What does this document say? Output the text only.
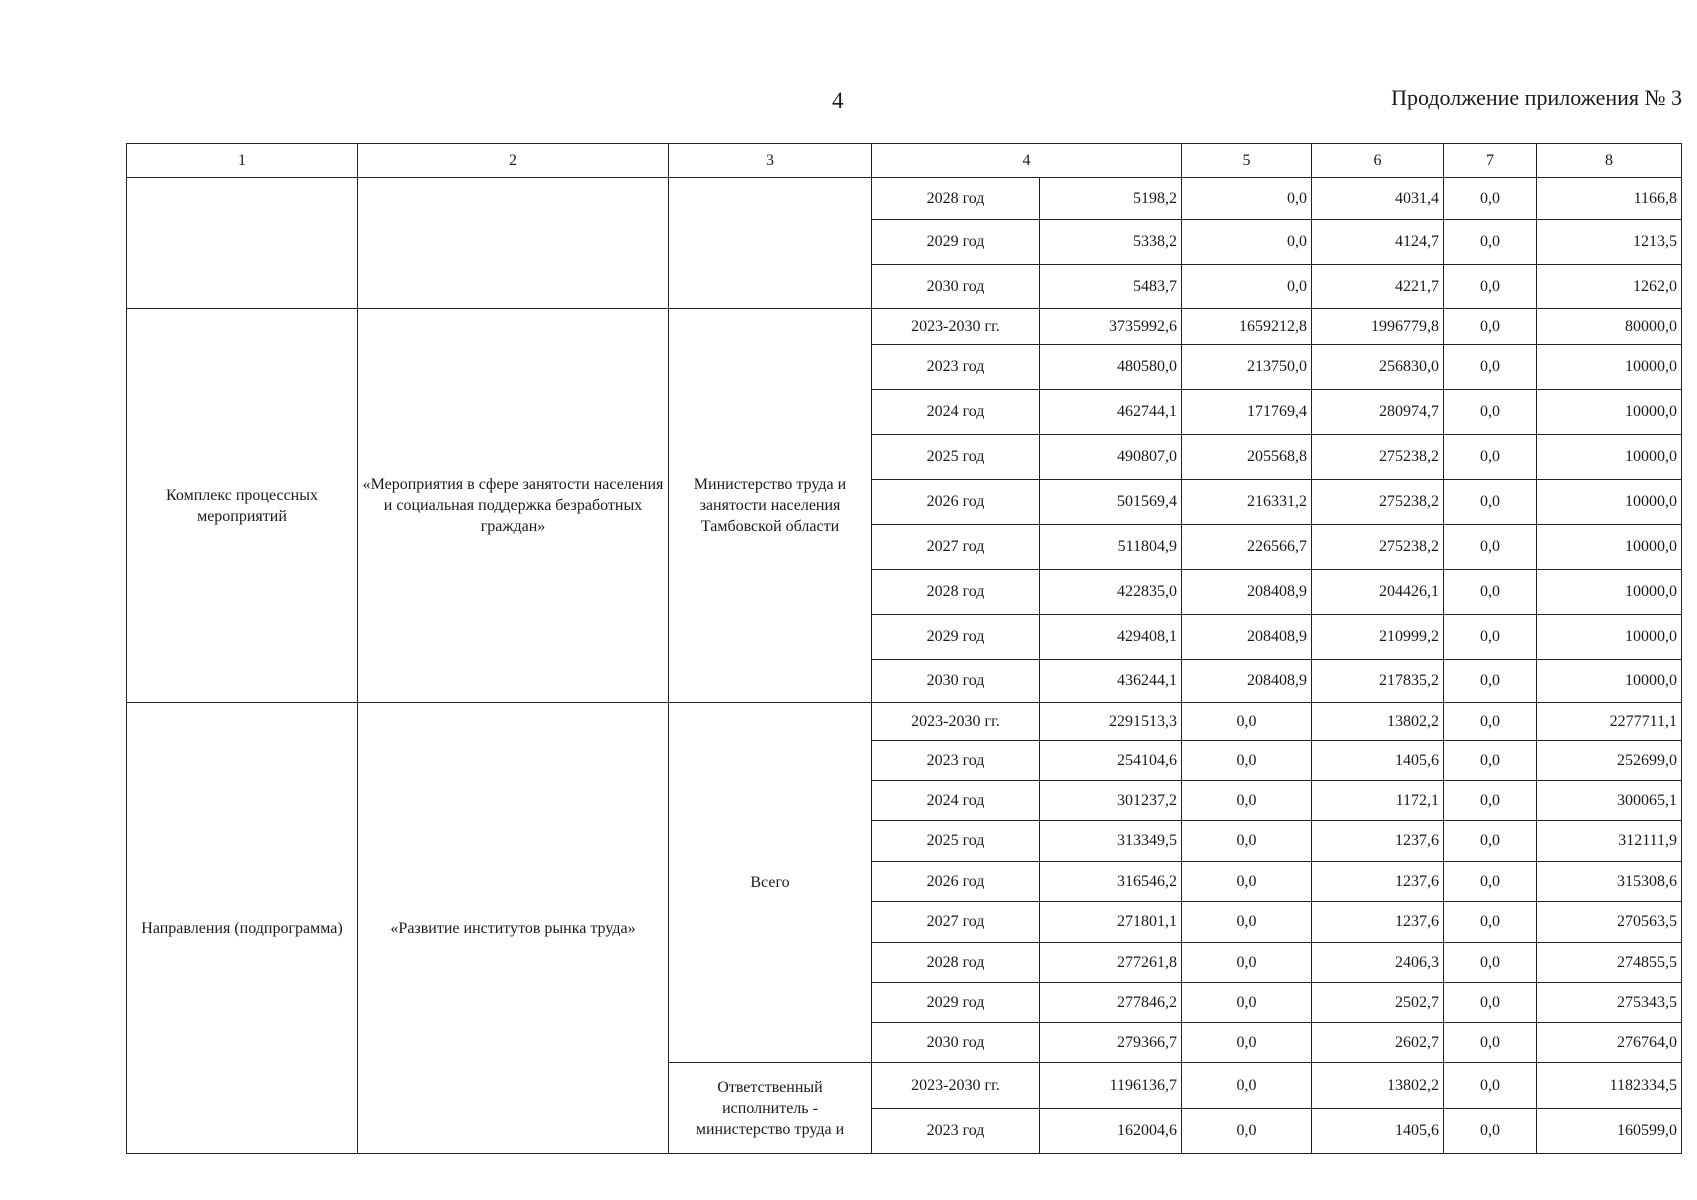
4	Продолжение приложения № 3
1	2	3	4		5	6	7	8
			2028 год	5198,2	0,0	4031,4	0,0	1166,8
			2029 год	5338,2	0,0	4124,7	0,0	1213,5
			2030 год	5483,7	0,0	4221,7	0,0	1262,0
Комплекс процессных мероприятий	«Мероприятия в сфере занятости населения и социальная поддержка безработных граждан»	Министерство труда и занятости населения Тамбовской области	2023-2030 гг.	3735992,6	1659212,8	1996779,8	0,0	80000,0
			2023 год	480580,0	213750,0	256830,0	0,0	10000,0
			2024 год	462744,1	171769,4	280974,7	0,0	10000,0
			2025 год	490807,0	205568,8	275238,2	0,0	10000,0
			2026 год	501569,4	216331,2	275238,2	0,0	10000,0
			2027 год	511804,9	226566,7	275238,2	0,0	10000,0
			2028 год	422835,0	208408,9	204426,1	0,0	10000,0
			2029 год	429408,1	208408,9	210999,2	0,0	10000,0
			2030 год	436244,1	208408,9	217835,2	0,0	10000,0
Направления (подпрограмма)	«Развитие институтов рынка труда»	Всего	2023-2030 гг.	2291513,3	0,0	13802,2	0,0	2277711,1
			2023 год	254104,6	0,0	1405,6	0,0	252699,0
			2024 год	301237,2	0,0	1172,1	0,0	300065,1
			2025 год	313349,5	0,0	1237,6	0,0	312111,9
			2026 год	316546,2	0,0	1237,6	0,0	315308,6
			2027 год	271801,1	0,0	1237,6	0,0	270563,5
			2028 год	277261,8	0,0	2406,3	0,0	274855,5
			2029 год	277846,2	0,0	2502,7	0,0	275343,5
			2030 год	279366,7	0,0	2602,7	0,0	276764,0
		Ответственный исполнитель - министерство труда и	2023-2030 гг.	1196136,7	0,0	13802,2	0,0	1182334,5
			2023 год	162004,6	0,0	1405,6	0,0	160599,0
